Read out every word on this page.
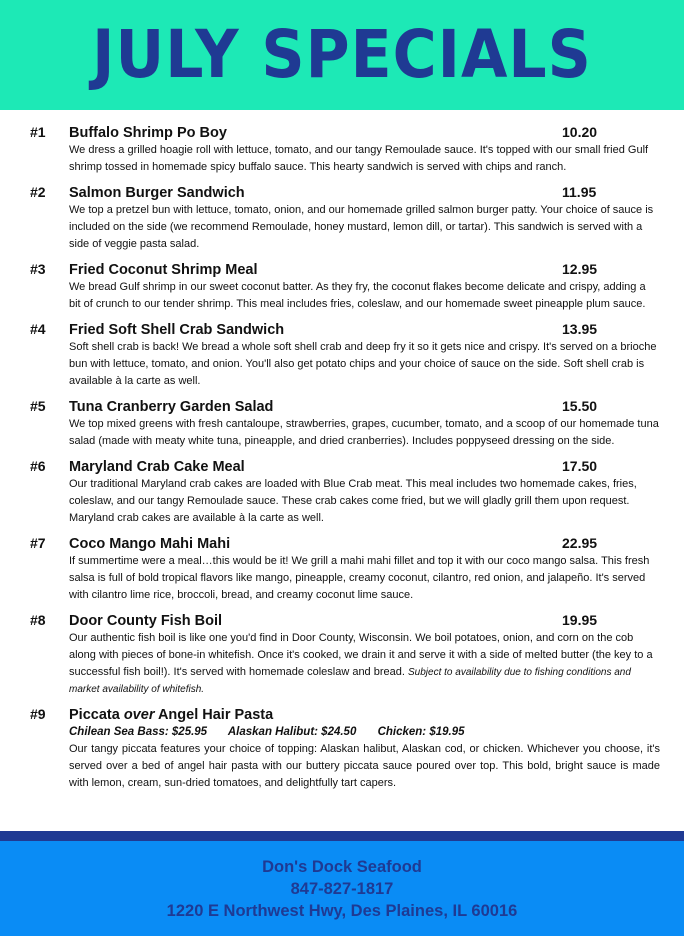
JULY SPECIALS
#1 Buffalo Shrimp Po Boy	10.20
We dress a grilled hoagie roll with lettuce, tomato, and our tangy Remoulade sauce. It's topped with our small fried Gulf shrimp tossed in homemade spicy buffalo sauce. This hearty sandwich is served with chips and ranch.
#2 Salmon Burger Sandwich	11.95
We top a pretzel bun with lettuce, tomato, onion, and our homemade grilled salmon burger patty. Your choice of sauce is included on the side (we recommend Remoulade, honey mustard, lemon dill, or tartar). This sandwich is served with a side of veggie pasta salad.
#3 Fried Coconut Shrimp Meal	12.95
We bread Gulf shrimp in our sweet coconut batter. As they fry, the coconut flakes become delicate and crispy, adding a bit of crunch to our tender shrimp. This meal includes fries, coleslaw, and our homemade sweet pineapple plum sauce.
#4 Fried Soft Shell Crab Sandwich	13.95
Soft shell crab is back! We bread a whole soft shell crab and deep fry it so it gets nice and crispy. It's served on a brioche bun with lettuce, tomato, and onion. You'll also get potato chips and your choice of sauce on the side. Soft shell crab is available à la carte as well.
#5 Tuna Cranberry Garden Salad	15.50
We top mixed greens with fresh cantaloupe, strawberries, grapes, cucumber, tomato, and a scoop of our homemade tuna salad (made with meaty white tuna, pineapple, and dried cranberries). Includes poppyseed dressing on the side.
#6 Maryland Crab Cake Meal	17.50
Our traditional Maryland crab cakes are loaded with Blue Crab meat. This meal includes two homemade cakes, fries, coleslaw, and our tangy Remoulade sauce. These crab cakes come fried, but we will gladly grill them upon request. Maryland crab cakes are available à la carte as well.
#7 Coco Mango Mahi Mahi	22.95
If summertime were a meal…this would be it! We grill a mahi mahi fillet and top it with our coco mango salsa. This fresh salsa is full of bold tropical flavors like mango, pineapple, creamy coconut, cilantro, red onion, and jalapeño. It's served with cilantro lime rice, broccoli, bread, and creamy coconut lime sauce.
#8 Door County Fish Boil	19.95
Our authentic fish boil is like one you'd find in Door County, Wisconsin. We boil potatoes, onion, and corn on the cob along with pieces of bone-in whitefish. Once it's cooked, we drain it and serve it with a side of melted butter (the key to a successful fish boil!). It's served with homemade coleslaw and bread. Subject to availability due to fishing conditions and market availability of whitefish.
#9 Piccata over Angel Hair Pasta
Chilean Sea Bass: $25.95 Alaskan Halibut: $24.50 Chicken: $19.95
Our tangy piccata features your choice of topping: Alaskan halibut, Alaskan cod, or chicken. Whichever you choose, it's served over a bed of angel hair pasta with our buttery piccata sauce poured over top. This bold, bright sauce is made with lemon, cream, sun-dried tomatoes, and delightfully tart capers.
Don's Dock Seafood
847-827-1817
1220 E Northwest Hwy, Des Plaines, IL 60016
